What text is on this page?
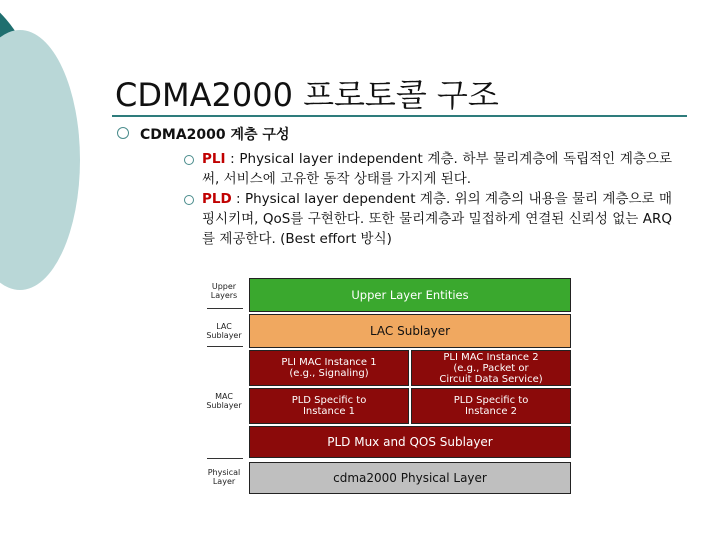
CDMA2000 프로토콜 구조
CDMA2000 계층 구성
PLI : Physical layer independent 계층. 하부 물리계층에 독립적인 계층으로써, 서비스에 고유한 동작 상태를 가지게 된다.
PLD : Physical layer dependent 계층. 위의 계층의 내용을 물리 계층으로 매핑시키며, QoS를 구현한다. 또한 물리계층과 밀접하게 연결된 신뢰성 없는 ARQ를 제공한다. (Best effort 방식)
Upper Layers
LAC Sublayer
MAC Sublayer
Physical Layer
Upper Layer Entities
LAC Sublayer
PLI MAC Instance 1
(e.g., Signaling)
PLI MAC Instance 2
(e.g., Packet or
Circuit Data Service)
PLD Specific to
Instance 1
PLD Specific to
Instance 2
PLD Mux and QOS Sublayer
cdma2000 Physical Layer
